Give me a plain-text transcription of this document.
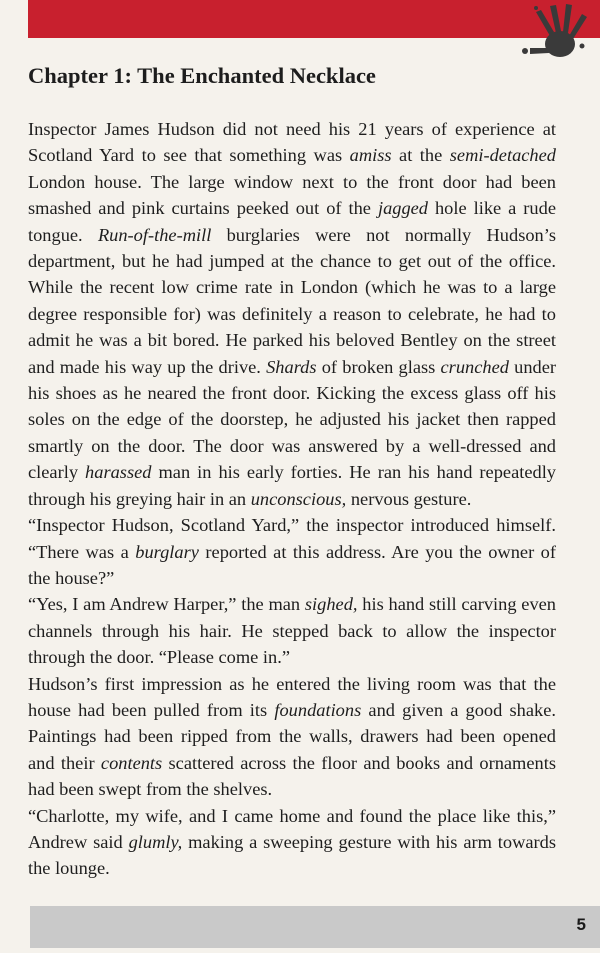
Chapter 1: The Enchanted Necklace

Inspector James Hudson did not need his 21 years of experience at Scotland Yard to see that something was amiss at the semi-detached London house. The large window next to the front door had been smashed and pink curtains peeked out of the jagged hole like a rude tongue. Run-of-the-mill burglaries were not normally Hudson’s department, but he had jumped at the chance to get out of the office. While the recent low crime rate in London (which he was to a large degree responsible for) was definitely a reason to celebrate, he had to admit he was a bit bored. He parked his beloved Bentley on the street and made his way up the drive. Shards of broken glass crunched under his shoes as he neared the front door. Kicking the excess glass off his soles on the edge of the doorstep, he adjusted his jacket then rapped smartly on the door. The door was answered by a well-dressed and clearly harassed man in his early forties. He ran his hand repeatedly through his greying hair in an unconscious, nervous gesture.

“Inspector Hudson, Scotland Yard,” the inspector introduced himself. “There was a burglary reported at this address. Are you the owner of the house?”

“Yes, I am Andrew Harper,” the man sighed, his hand still carving even channels through his hair. He stepped back to allow the inspector through the door. “Please come in.”

Hudson’s first impression as he entered the living room was that the house had been pulled from its foundations and given a good shake. Paintings had been ripped from the walls, drawers had been opened and their contents scattered across the floor and books and ornaments had been swept from the shelves.

“Charlotte, my wife, and I came home and found the place like this,” Andrew said glumly, making a sweeping gesture with his arm towards the lounge.

5
